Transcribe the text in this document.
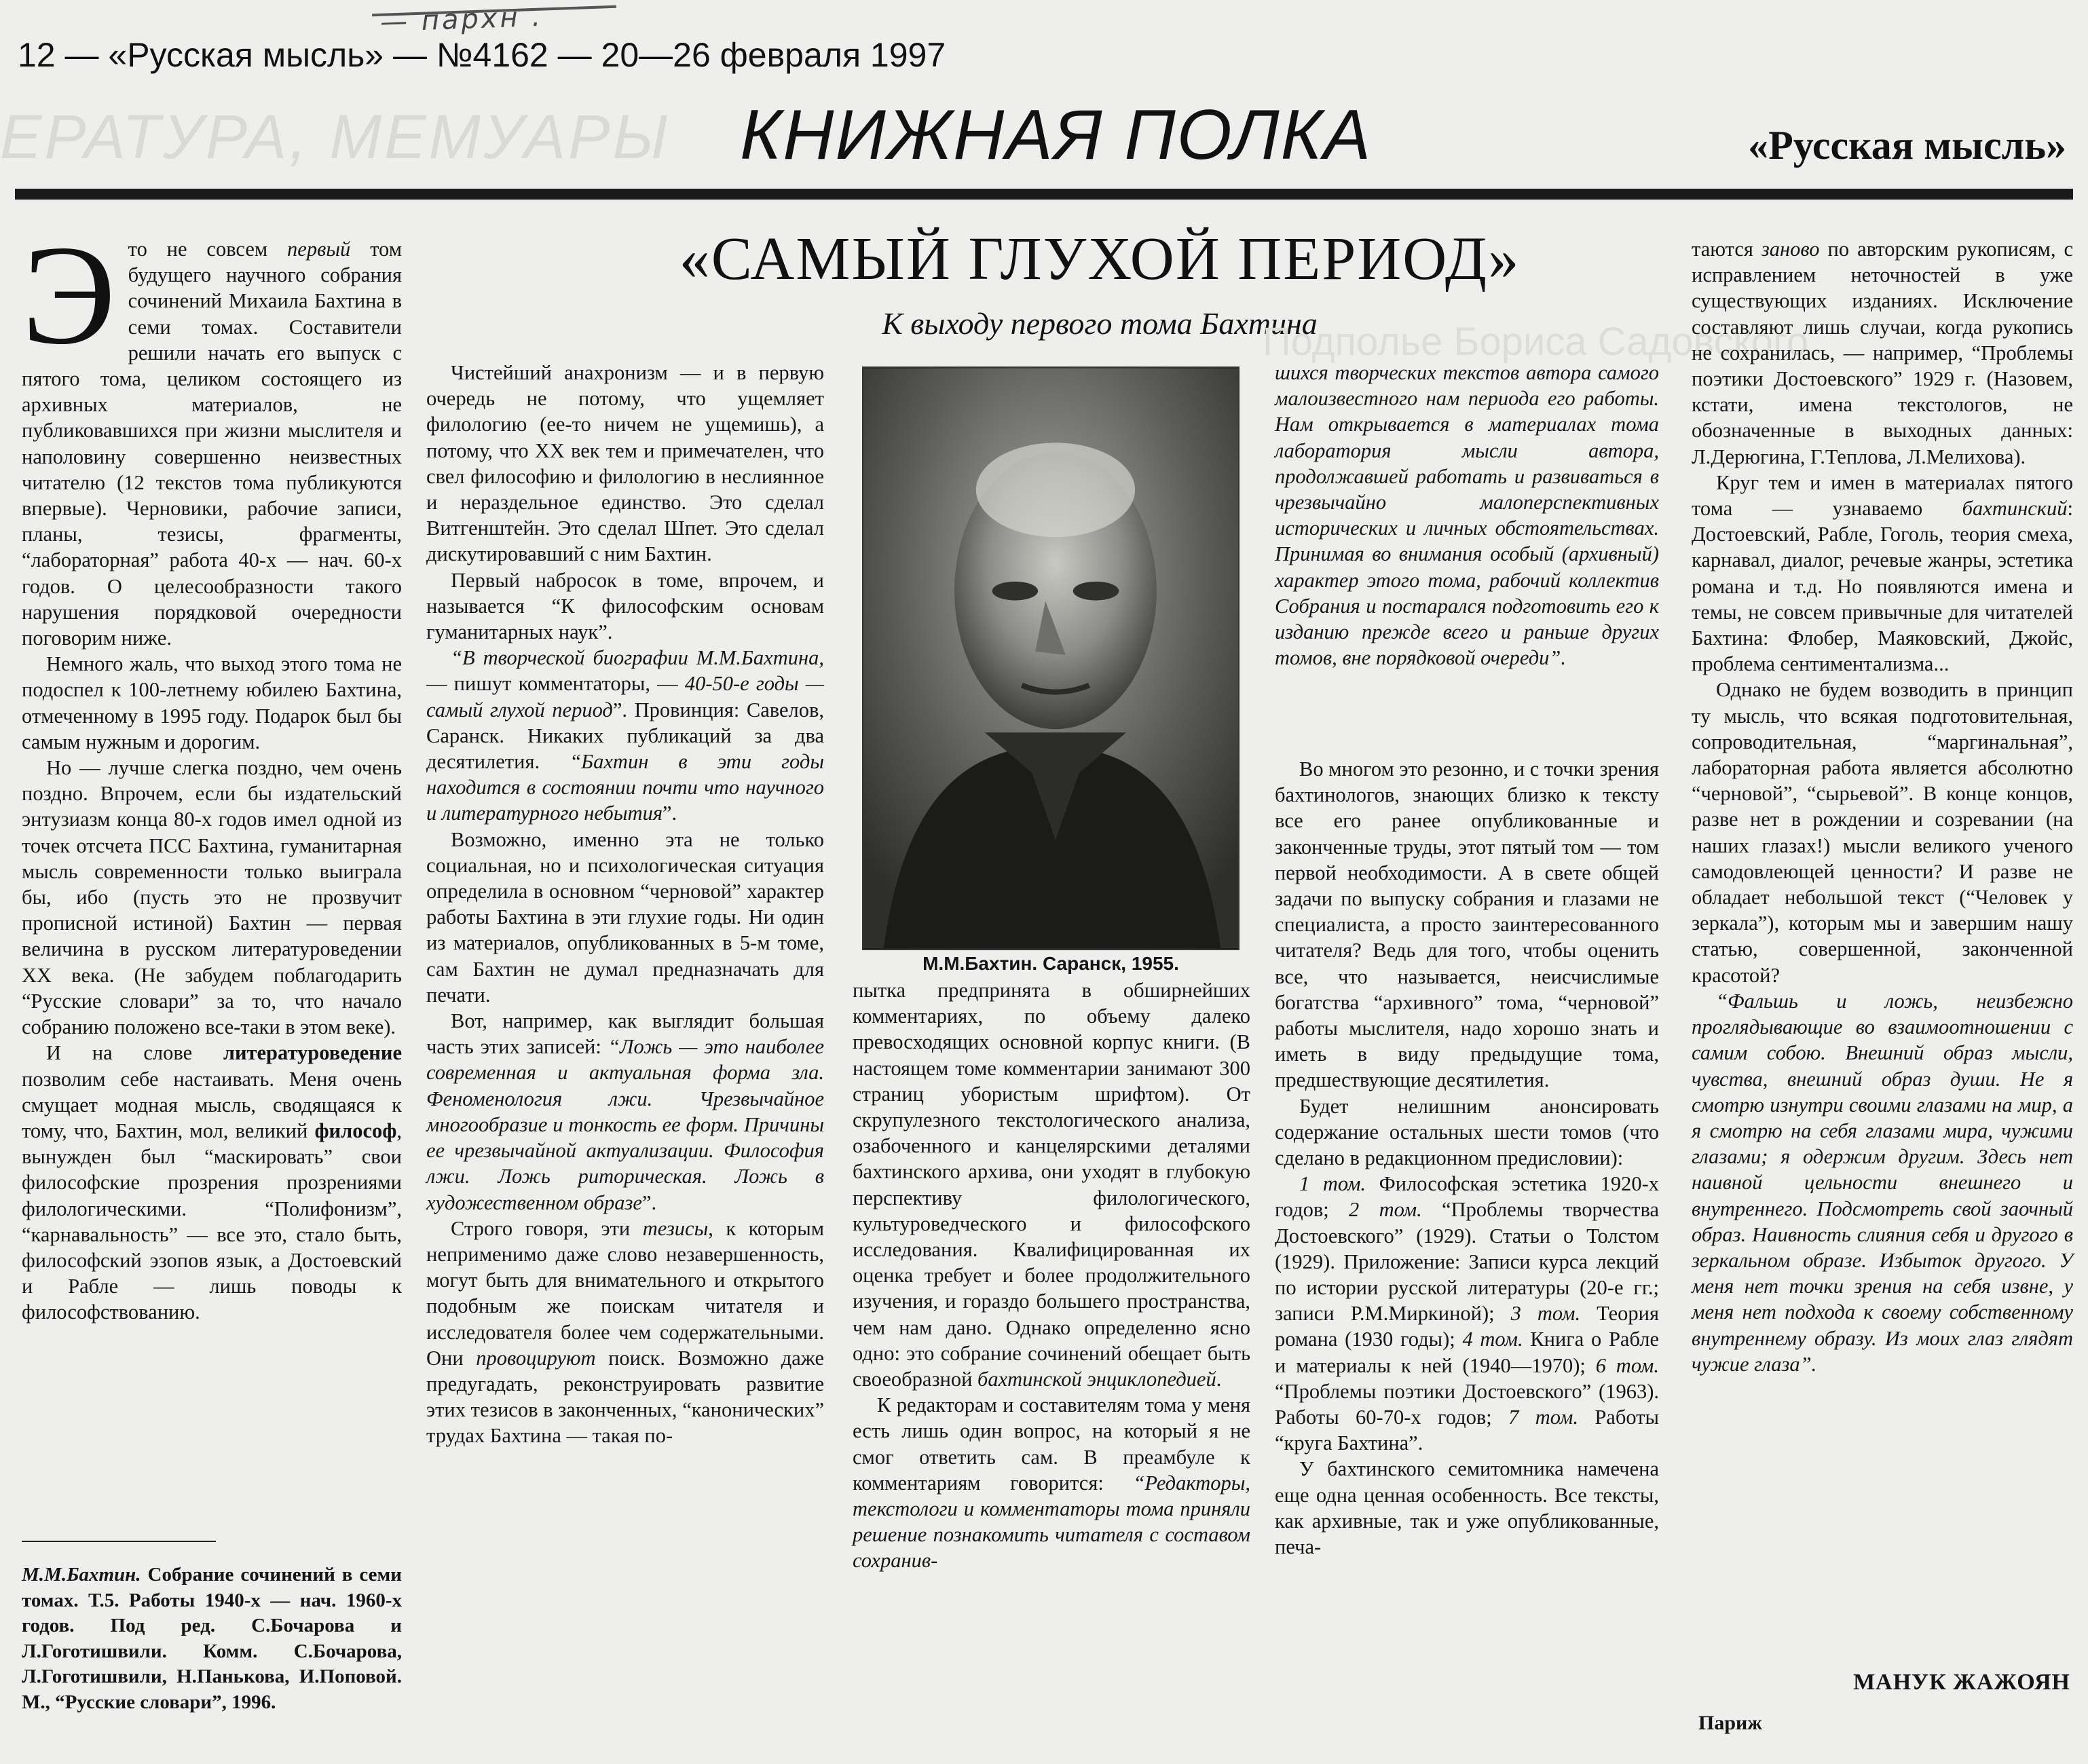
— пархн .
12 — «Русская мысль» — №4162 — 20—26 февраля 1997
ЕРАТУРА, МЕМУАРЫ КНИЖНАЯ ПОЛКА	«Русская мысль»
«САМЫЙ ГЛУХОЙ ПЕРИОД»
К выходу первого тома Бахтина
Подполье Бориса Садовского

Это не совсем первый том будущего научного собрания сочинений Михаила Бахтина в семи томах. Составители решили начать его выпуск с пятого тома, целиком состоящего из архивных материалов, не публиковавшихся при жизни мыслителя и наполовину совершенно неизвестных читателю (12 текстов тома публикуются впервые). Черновики, рабочие записи, планы, тезисы, фрагменты, “лабораторная” работа 40-х — нач. 60-х годов. О целесообразности такого нарушения порядковой очередности поговорим ниже.

Немного жаль, что выход этого тома не подоспел к 100-летнему юбилею Бахтина, отмеченному в 1995 году. Подарок был бы самым нужным и дорогим.

Но — лучше слегка поздно, чем очень поздно. Впрочем, если бы издательский энтузиазм конца 80-х годов имел одной из точек отсчета ПСС Бахтина, гуманитарная мысль современности только выиграла бы, ибо (пусть это не прозвучит прописной истиной) Бахтин — первая величина в русском литературоведении XX века. (Не забудем поблагодарить “Русские словари” за то, что начало собранию положено все-таки в этом веке).

И на слове литературоведение позволим себе настаивать. Меня очень смущает модная мысль, сводящаяся к тому, что, Бахтин, мол, великий философ, вынужден был “маскировать” свои философские прозрения прозрениями филологическими. “Полифонизм”, “карнавальность” — все это, стало быть, философский эзопов язык, а Достоевский и Рабле — лишь поводы к философствованию.

М.М.Бахтин. Собрание сочинений в семи томах. Т.5. Работы 1940-х — нач. 1960-х годов. Под ред. С.Бочарова и Л.Гоготишвили. Комм. С.Бочарова, Л.Гоготишвили, Н.Панькова, И.Поповой. М., “Русские словари”, 1996.

Чистейший анахронизм — и в первую очередь не потому, что ущемляет филологию (ее-то ничем не ущемишь), а потому, что XX век тем и примечателен, что свел философию и филологию в неслиянное и нераздельное единство. Это сделал Витгенштейн. Это сделал Шпет. Это сделал дискутировавший с ним Бахтин.

Первый набросок в томе, впрочем, и называется “К философским основам гуманитарных наук”.

“В творческой биографии М.М.Бахтина, — пишут комментаторы, — 40-50-е годы — самый глухой период”. Провинция: Савелов, Саранск. Никаких публикаций за два десятилетия. “Бахтин в эти годы находится в состоянии почти что научного и литературного небытия”.

Возможно, именно эта не только социальная, но и психологическая ситуация определила в основном “черновой” характер работы Бахтина в эти глухие годы. Ни один из материалов, опубликованных в 5-м томе, сам Бахтин не думал предназначать для печати.

Вот, например, как выглядит большая часть этих записей: “Ложь — это наиболее современная и актуальная форма зла. Феноменология лжи. Чрезвычайное многообразие и тонкость ее форм. Причины ее чрезвычайной актуализации. Философия лжи. Ложь риторическая. Ложь в художественном образе”.

Строго говоря, эти тезисы, к которым неприменимо даже слово незавершенность, могут быть для внимательного и открытого подобным же поискам читателя и исследователя более чем содержательными. Они провоцируют поиск. Возможно даже предугадать, реконструировать развитие этих тезисов в законченных, “канонических” трудах Бахтина — такая по-

М.М.Бахтин. Саранск, 1955.

шихся творческих текстов автора самого малоизвестного нам периода его работы. Нам открывается в материалах тома лаборатория мысли автора, продолжавшей работать и развиваться в чрезвычайно малоперспективных исторических и личных обстоятельствах. Принимая во внимания особый (архивный) характер этого тома, рабочий коллектив Собрания и постарался подготовить его к изданию прежде всего и раньше других томов, вне порядковой очереди”.

пытка предпринята в обширнейших комментариях, по объему далеко превосходящих основной корпус книги. (В настоящем томе комментарии занимают 300 страниц убористым шрифтом). От скрупулезного текстологического анализа, озабоченного и канцелярскими деталями бахтинского архива, они уходят в глубокую перспективу филологического, культуроведческого и философского исследования. Квалифицированная их оценка требует и более продолжительного изучения, и гораздо большего пространства, чем нам дано. Однако определенно ясно одно: это собрание сочинений обещает быть своеобразной бахтинской энциклопедией.

К редакторам и составителям тома у меня есть лишь один вопрос, на который я не смог ответить сам. В преамбуле к комментариям говорится: “Редакторы, текстологи и комментаторы тома приняли решение познакомить читателя с составом сохранив-

Во многом это резонно, и с точки зрения бахтинологов, знающих близко к тексту все его ранее опубликованные и законченные труды, этот пятый том — том первой необходимости. А в свете общей задачи по выпуску собрания и глазами не специалиста, а просто заинтересованного читателя? Ведь для того, чтобы оценить все, что называется, неисчислимые богатства “архивного” тома, “черновой” работы мыслителя, надо хорошо знать и иметь в виду предыдущие тома, предшествующие десятилетия.

Будет нелишним анонсировать содержание остальных шести томов (что сделано в редакционном предисловии):

1 том. Философская эстетика 1920-х годов; 2 том. “Проблемы творчества Достоевского” (1929). Статьи о Толстом (1929). Приложение: Записи курса лекций по истории русской литературы (20-е гг.; записи Р.М.Миркиной); 3 том. Теория романа (1930 годы); 4 том. Книга о Рабле и материалы к ней (1940—1970); 6 том. “Проблемы поэтики Достоевского” (1963). Работы 60-70-х годов; 7 том. Работы “круга Бахтина”.

У бахтинского семитомника намечена еще одна ценная особенность. Все тексты, как архивные, так и уже опубликованные, печа-

таются заново по авторским рукописям, с исправлением неточностей в уже существующих изданиях. Исключение составляют лишь случаи, когда рукопись не сохранилась, — например, “Проблемы поэтики Достоевского” 1929 г. (Назовем, кстати, имена текстологов, не обозначенные в выходных данных: Л.Дерюгина, Г.Теплова, Л.Мелихова).

Круг тем и имен в материалах пятого тома — узнаваемо бахтинский: Достоевский, Рабле, Гоголь, теория смеха, карнавал, диалог, речевые жанры, эстетика романа и т.д. Но появляются имена и темы, не совсем привычные для читателей Бахтина: Флобер, Маяковский, Джойс, проблема сентиментализма...

Однако не будем возводить в принцип ту мысль, что всякая подготовительная, сопроводительная, “маргинальная”, лабораторная работа является абсолютно “черновой”, “сырьевой”. В конце концов, разве нет в рождении и созревании (на наших глазах!) мысли великого ученого самодовлеющей ценности? И разве не обладает небольшой текст (“Человек у зеркала”), которым мы и завершим нашу статью, совершенной, законченной красотой?

“Фальшь и ложь, неизбежно проглядывающие во взаимоотношении с самим собою. Внешний образ мысли, чувства, внешний образ души. Не я смотрю изнутри своими глазами на мир, а я смотрю на себя глазами мира, чужими глазами; я одержим другим. Здесь нет наивной цельности внешнего и внутреннего. Подсмотреть свой заочный образ. Наивность слияния себя и другого в зеркальном образе. Избыток другого. У меня нет точки зрения на себя извне, у меня нет подхода к своему собственному внутреннему образу. Из моих глаз глядят чужие глаза”.

МАНУК ЖАЖОЯН
Париж
